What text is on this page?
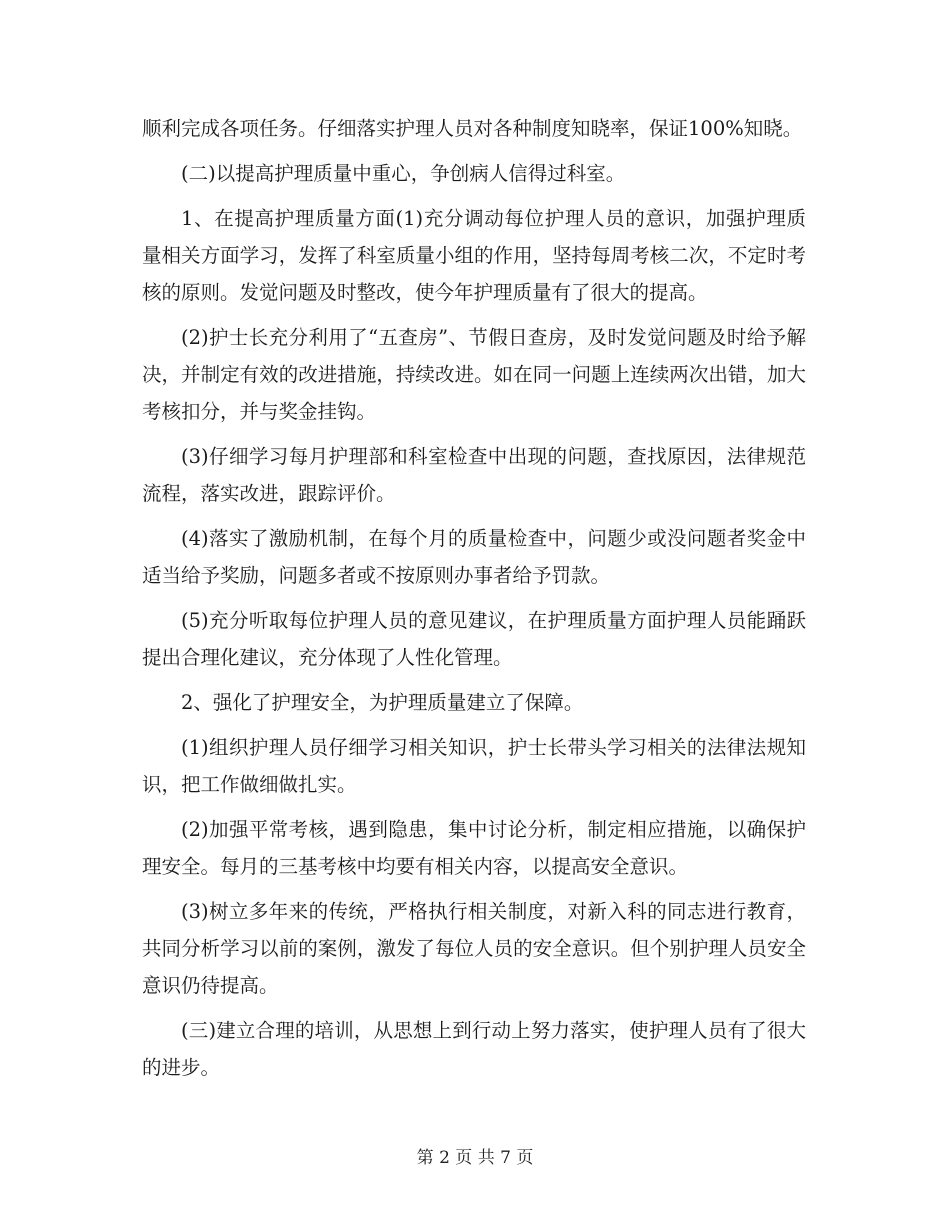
顺利完成各项任务。仔细落实护理人员对各种制度知晓率，保证100%知晓。

(二)以提高护理质量中重心，争创病人信得过科室。

1、在提高护理质量方面(1)充分调动每位护理人员的意识，加强护理质量相关方面学习，发挥了科室质量小组的作用，坚持每周考核二次，不定时考核的原则。发觉问题及时整改，使今年护理质量有了很大的提高。

(2)护士长充分利用了“五查房”、节假日查房，及时发觉问题及时给予解决，并制定有效的改进措施，持续改进。如在同一问题上连续两次出错，加大考核扣分，并与奖金挂钩。

(3)仔细学习每月护理部和科室检查中出现的问题，查找原因，法律规范流程，落实改进，跟踪评价。

(4)落实了激励机制，在每个月的质量检查中，问题少或没问题者奖金中适当给予奖励，问题多者或不按原则办事者给予罚款。

(5)充分听取每位护理人员的意见建议，在护理质量方面护理人员能踊跃提出合理化建议，充分体现了人性化管理。

2、强化了护理安全，为护理质量建立了保障。

(1)组织护理人员仔细学习相关知识，护士长带头学习相关的法律法规知识，把工作做细做扎实。

(2)加强平常考核，遇到隐患，集中讨论分析，制定相应措施，以确保护理安全。每月的三基考核中均要有相关内容，以提高安全意识。

(3)树立多年来的传统，严格执行相关制度，对新入科的同志进行教育，共同分析学习以前的案例，激发了每位人员的安全意识。但个别护理人员安全意识仍待提高。

(三)建立合理的培训，从思想上到行动上努力落实，使护理人员有了很大的进步。

第 2 页 共 7 页
